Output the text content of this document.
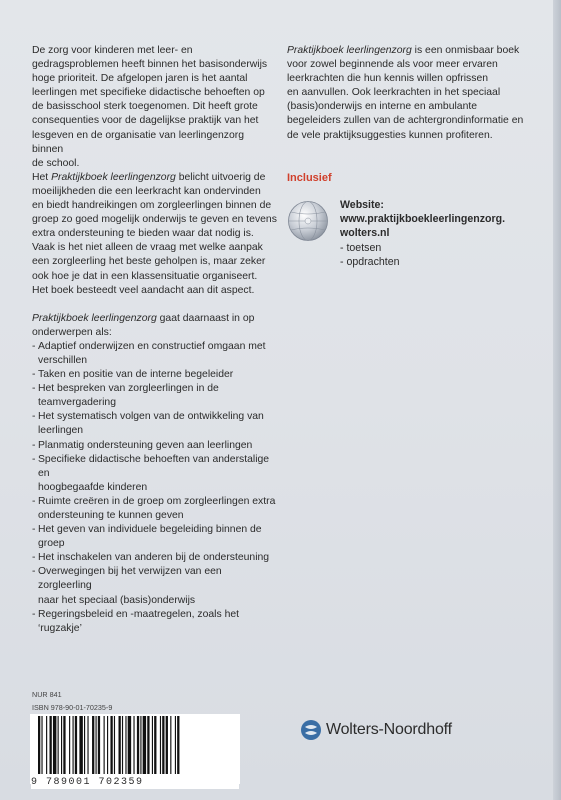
De zorg voor kinderen met leer- en
gedragsproblemen heeft binnen het basisonderwijs
hoge prioriteit. De afgelopen jaren is het aantal
leerlingen met specifieke didactische behoeften op
de basisschool sterk toegenomen. Dit heeft grote
consequenties voor de dagelijkse praktijk van het
lesgeven en de organisatie van leerlingenzorg binnen
de school.

Het Praktijkboek leerlingenzorg belicht uitvoerig de
moeilijkheden die een leerkracht kan ondervinden
en biedt handreikingen om zorgleerlingen binnen de
groep zo goed mogelijk onderwijs te geven en tevens
extra ondersteuning te bieden waar dat nodig is.
Vaak is het niet alleen de vraag met welke aanpak
een zorgleerling het beste geholpen is, maar zeker
ook hoe je dat in een klassensituatie organiseert.
Het boek besteedt veel aandacht aan dit aspect.

Praktijkboek leerlingenzorg gaat daarnaast in op
onderwerpen als:

- Adaptief onderwijzen en constructief omgaan met
verschillen
- Taken en positie van de interne begeleider
- Het bespreken van zorgleerlingen in de
teamvergadering
- Het systematisch volgen van de ontwikkeling van
leerlingen
- Planmatig ondersteuning geven aan leerlingen
- Specifieke didactische behoeften van anderstalige en
hoogbegaafde kinderen
- Ruimte creëren in de groep om zorgleerlingen extra
ondersteuning te kunnen geven
- Het geven van individuele begeleiding binnen de groep
- Het inschakelen van anderen bij de ondersteuning
- Overwegingen bij het verwijzen van een zorgleerling
naar het speciaal (basis)onderwijs
- Regeringsbeleid en -maatregelen, zoals het ‘rugzakje’

Praktijkboek leerlingenzorg is een onmisbaar boek
voor zowel beginnende als voor meer ervaren
leerkrachten die hun kennis willen opfrissen
en aanvullen. Ook leerkrachten in het speciaal
(basis)onderwijs en interne en ambulante
begeleiders zullen van de achtergrondinformatie en
de vele praktijksuggesties kunnen profiteren.

Inclusief
Website:
www.praktijkboekleerlingenzorg.
wolters.nl
- toetsen
- opdrachten
NUR 841
ISBN 978-90-01-70235-9
9 789001 702359
Wolters-Noordhoff
